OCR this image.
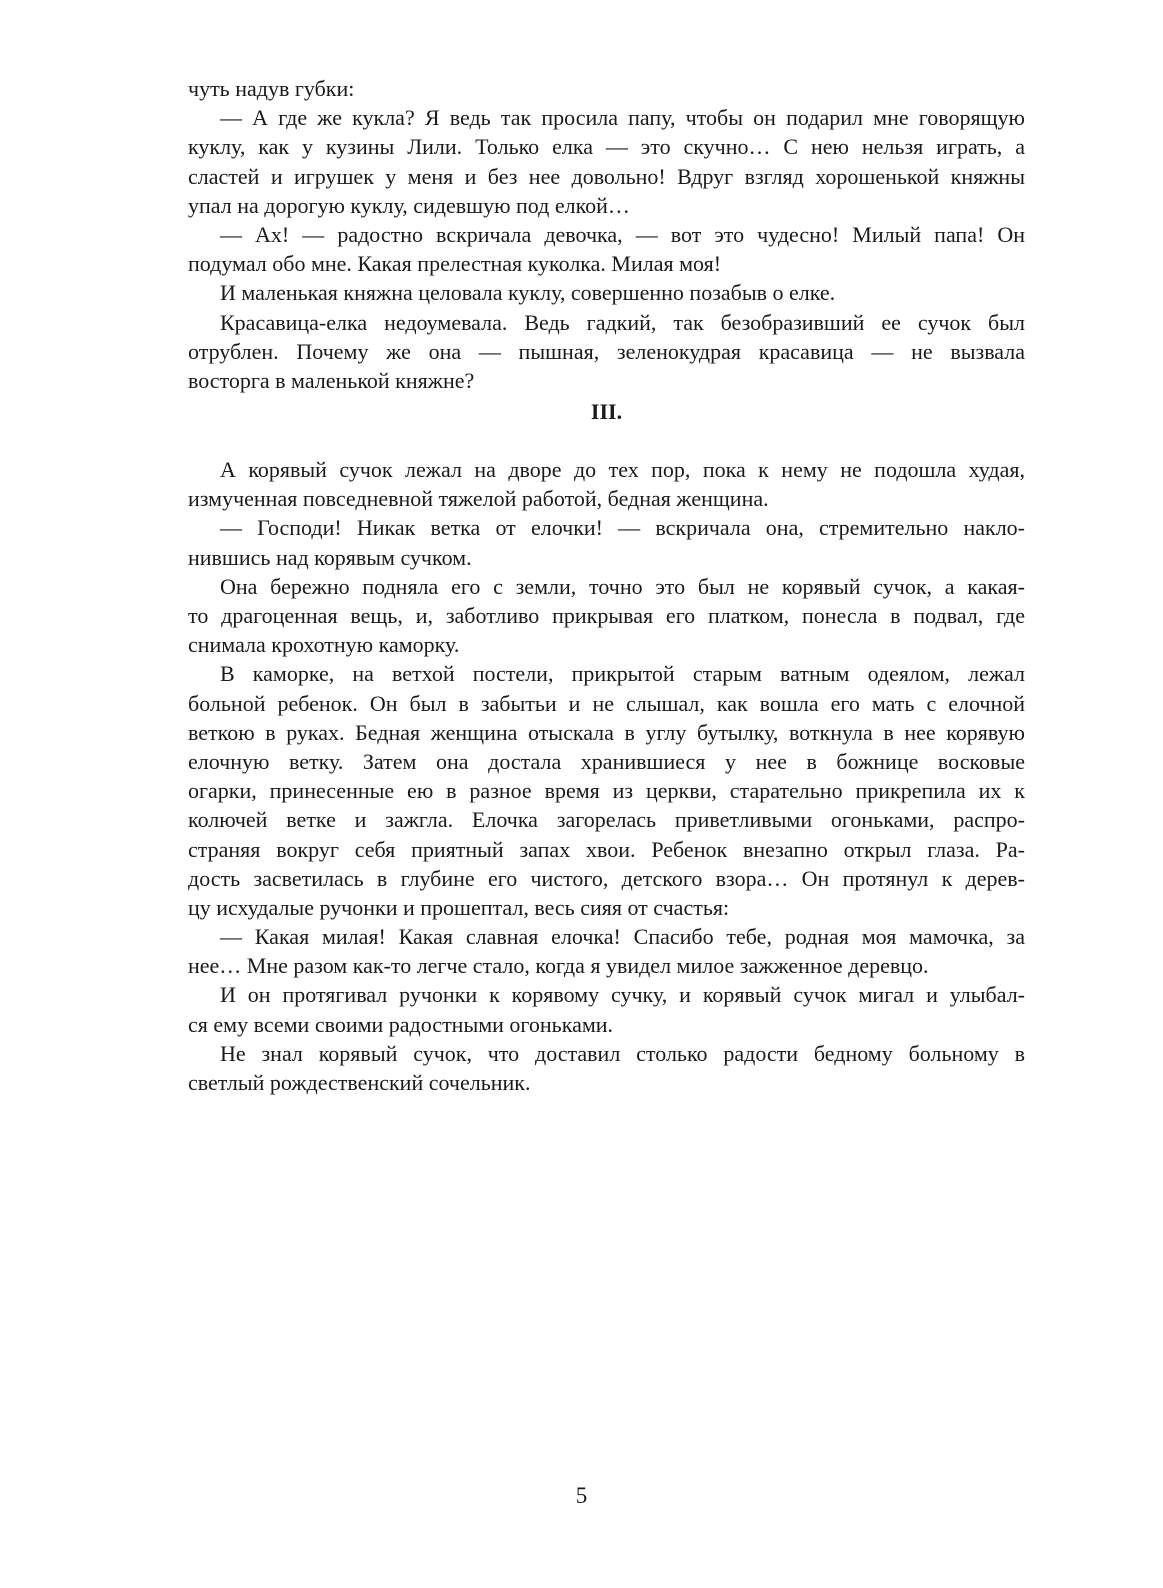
чуть надув губки:
— А где же кукла? Я ведь так просила папу, чтобы он подарил мне говорящую
куклу, как у кузины Лили. Только елка — это скучно… С нею нельзя играть, а
сластей и игрушек у меня и без нее довольно! Вдруг взгляд хорошенькой княжны
упал на дорогую куклу, сидевшую под елкой…
— Ах! — радостно вскричала девочка, — вот это чудесно! Милый папа! Он
подумал обо мне. Какая прелестная куколка. Милая моя!
И маленькая княжна целовала куклу, совершенно позабыв о елке.
Красавица-елка недоумевала. Ведь гадкий, так безобразивший ее сучок был
отрублен. Почему же она — пышная, зеленокудрая красавица — не вызвала
восторга в маленькой княжне?
III.
А корявый сучок лежал на дворе до тех пор, пока к нему не подошла худая,
измученная повседневной тяжелой работой, бедная женщина.
— Господи! Никак ветка от елочки! — вскричала она, стремительно накло-
нившись над корявым сучком.
Она бережно подняла его с земли, точно это был не корявый сучок, а какая-
то драгоценная вещь, и, заботливо прикрывая его платком, понесла в подвал, где
снимала крохотную каморку.
В каморке, на ветхой постели, прикрытой старым ватным одеялом, лежал
больной ребенок. Он был в забытьи и не слышал, как вошла его мать с елочной
веткою в руках. Бедная женщина отыскала в углу бутылку, воткнула в нее корявую
елочную ветку. Затем она достала хранившиеся у нее в божнице восковые
огарки, принесенные ею в разное время из церкви, старательно прикрепила их к
колючей ветке и зажгла. Елочка загорелась приветливыми огоньками, распро-
страняя вокруг себя приятный запах хвои. Ребенок внезапно открыл глаза. Ра-
дость засветилась в глубине его чистого, детского взора… Он протянул к дерев-
цу исхудалые ручонки и прошептал, весь сияя от счастья:
— Какая милая! Какая славная елочка! Спасибо тебе, родная моя мамочка, за
нее… Мне разом как-то легче стало, когда я увидел милое зажженное деревцо.
И он протягивал ручонки к корявому сучку, и корявый сучок мигал и улыбал-
ся ему всеми своими радостными огоньками.
Не знал корявый сучок, что доставил столько радости бедному больному в
светлый рождественский сочельник.
5
